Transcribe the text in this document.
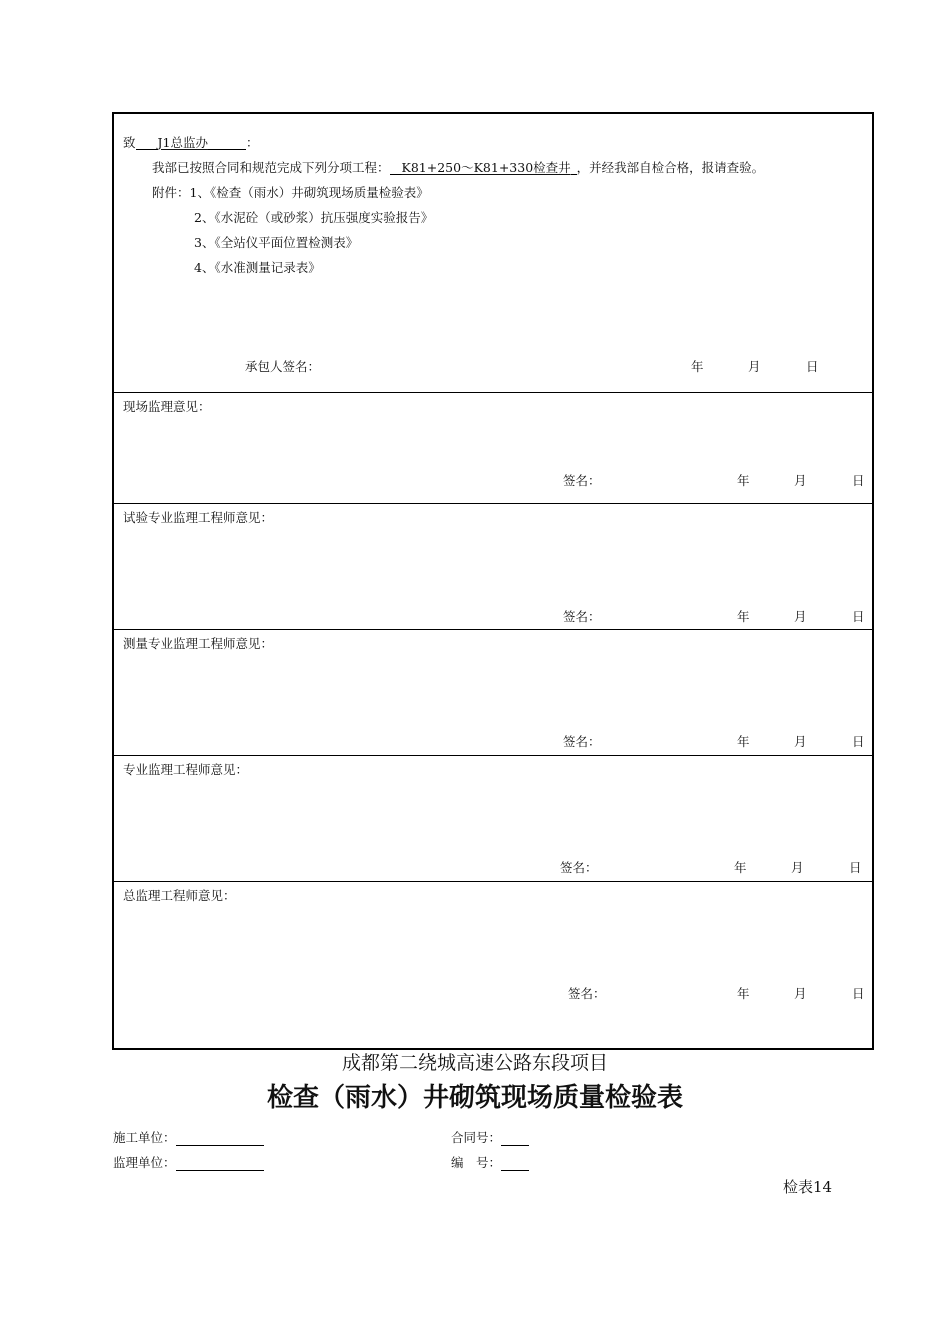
致 J1总监办	：
我部已按照合同和规范完成下列分项工程： K81+250～K81+330检查井 ，并经我部自检合格，报请查验。
附件：1、《检查（雨水）井砌筑现场质量检验表》
2、《水泥砼（或砂浆）抗压强度实验报告》
3、《全站仪平面位置检测表》
4、《水准测量记录表》
承包人签名：	年	月	日
现场监理意见：
签名：	年	月	日
试验专业监理工程师意见：
签名：	年	月	日
测量专业监理工程师意见：
签名：	年	月	日
专业监理工程师意见：
签名：	年	月	日
总监理工程师意见：
签名：	年	月	日
成都第二绕城高速公路东段项目
检查（雨水）井砌筑现场质量检验表
施工单位：	合同号：
监理单位：	编　号：
检表14
